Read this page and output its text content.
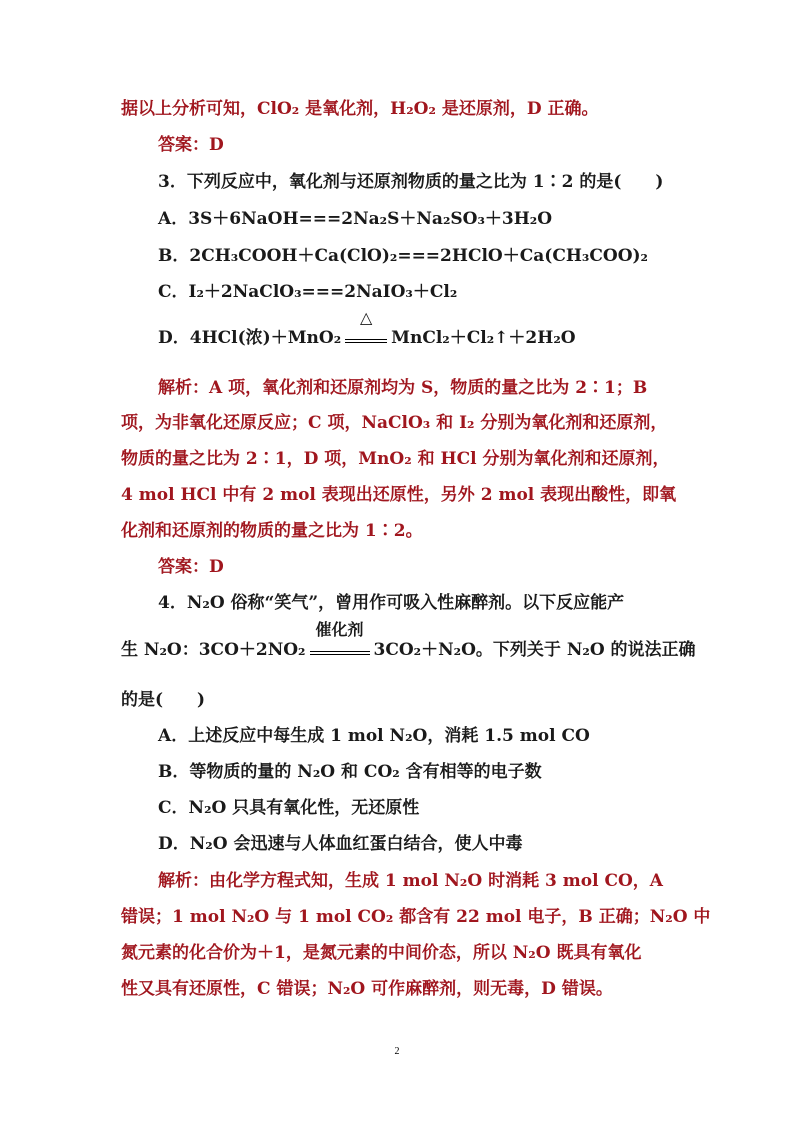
据以上分析可知，ClO₂ 是氧化剂，H₂O₂ 是还原剂，D 正确。
答案：D
3．下列反应中，氧化剂与还原剂物质的量之比为 1∶2 的是(　　)
A．3S＋6NaOH===2Na₂S＋Na₂SO₃＋3H₂O
B．2CH₃COOH＋Ca(ClO)₂===2HClO＋Ca(CH₃COO)₂
C．I₂＋2NaClO₃===2NaIO₃＋Cl₂
D．4HCl(浓)＋MnO₂
△
MnCl₂＋Cl₂↑＋2H₂O
解析：A 项，氧化剂和还原剂均为 S，物质的量之比为 2∶1；B
项，为非氧化还原反应；C 项，NaClO₃ 和 I₂ 分别为氧化剂和还原剂，
物质的量之比为 2∶1，D 项，MnO₂ 和 HCl 分别为氧化剂和还原剂，
4 mol HCl 中有 2 mol 表现出还原性，另外 2 mol 表现出酸性，即氧
化剂和还原剂的物质的量之比为 1∶2。
答案：D
4．N₂O 俗称“笑气”，曾用作可吸入性麻醉剂。以下反应能产
生 N₂O：3CO＋2NO₂
催化剂
3CO₂＋N₂O。下列关于 N₂O 的说法正确
的是(　　)
A．上述反应中每生成 1 mol N₂O，消耗 1.5 mol CO
B．等物质的量的 N₂O 和 CO₂ 含有相等的电子数
C．N₂O 只具有氧化性，无还原性
D．N₂O 会迅速与人体血红蛋白结合，使人中毒
解析：由化学方程式知，生成 1 mol N₂O 时消耗 3 mol CO，A
错误；1 mol N₂O 与 1 mol CO₂ 都含有 22 mol 电子，B 正确；N₂O 中
氮元素的化合价为＋1，是氮元素的中间价态，所以 N₂O 既具有氧化
性又具有还原性，C 错误；N₂O 可作麻醉剂，则无毒，D 错误。
2
